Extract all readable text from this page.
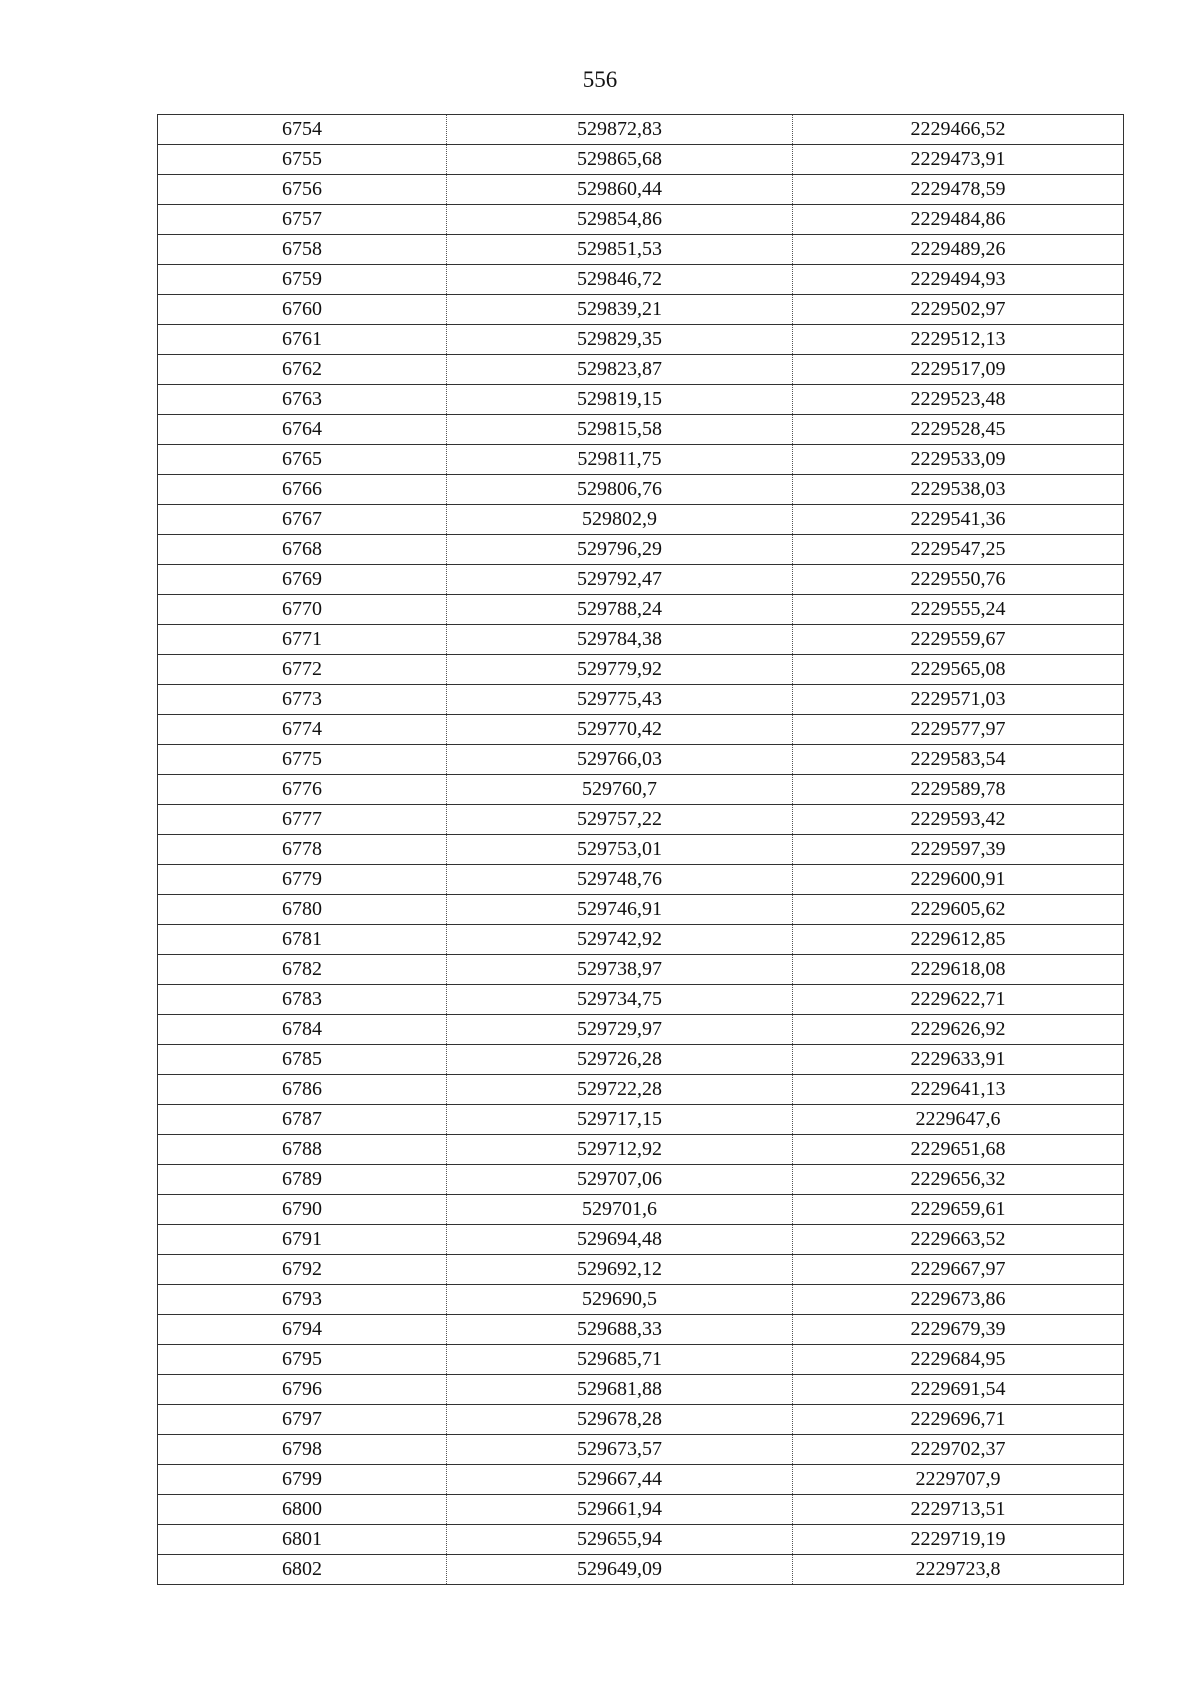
556
6754	529872,83	2229466,52
6755	529865,68	2229473,91
6756	529860,44	2229478,59
6757	529854,86	2229484,86
6758	529851,53	2229489,26
6759	529846,72	2229494,93
6760	529839,21	2229502,97
6761	529829,35	2229512,13
6762	529823,87	2229517,09
6763	529819,15	2229523,48
6764	529815,58	2229528,45
6765	529811,75	2229533,09
6766	529806,76	2229538,03
6767	529802,9	2229541,36
6768	529796,29	2229547,25
6769	529792,47	2229550,76
6770	529788,24	2229555,24
6771	529784,38	2229559,67
6772	529779,92	2229565,08
6773	529775,43	2229571,03
6774	529770,42	2229577,97
6775	529766,03	2229583,54
6776	529760,7	2229589,78
6777	529757,22	2229593,42
6778	529753,01	2229597,39
6779	529748,76	2229600,91
6780	529746,91	2229605,62
6781	529742,92	2229612,85
6782	529738,97	2229618,08
6783	529734,75	2229622,71
6784	529729,97	2229626,92
6785	529726,28	2229633,91
6786	529722,28	2229641,13
6787	529717,15	2229647,6
6788	529712,92	2229651,68
6789	529707,06	2229656,32
6790	529701,6	2229659,61
6791	529694,48	2229663,52
6792	529692,12	2229667,97
6793	529690,5	2229673,86
6794	529688,33	2229679,39
6795	529685,71	2229684,95
6796	529681,88	2229691,54
6797	529678,28	2229696,71
6798	529673,57	2229702,37
6799	529667,44	2229707,9
6800	529661,94	2229713,51
6801	529655,94	2229719,19
6802	529649,09	2229723,8
